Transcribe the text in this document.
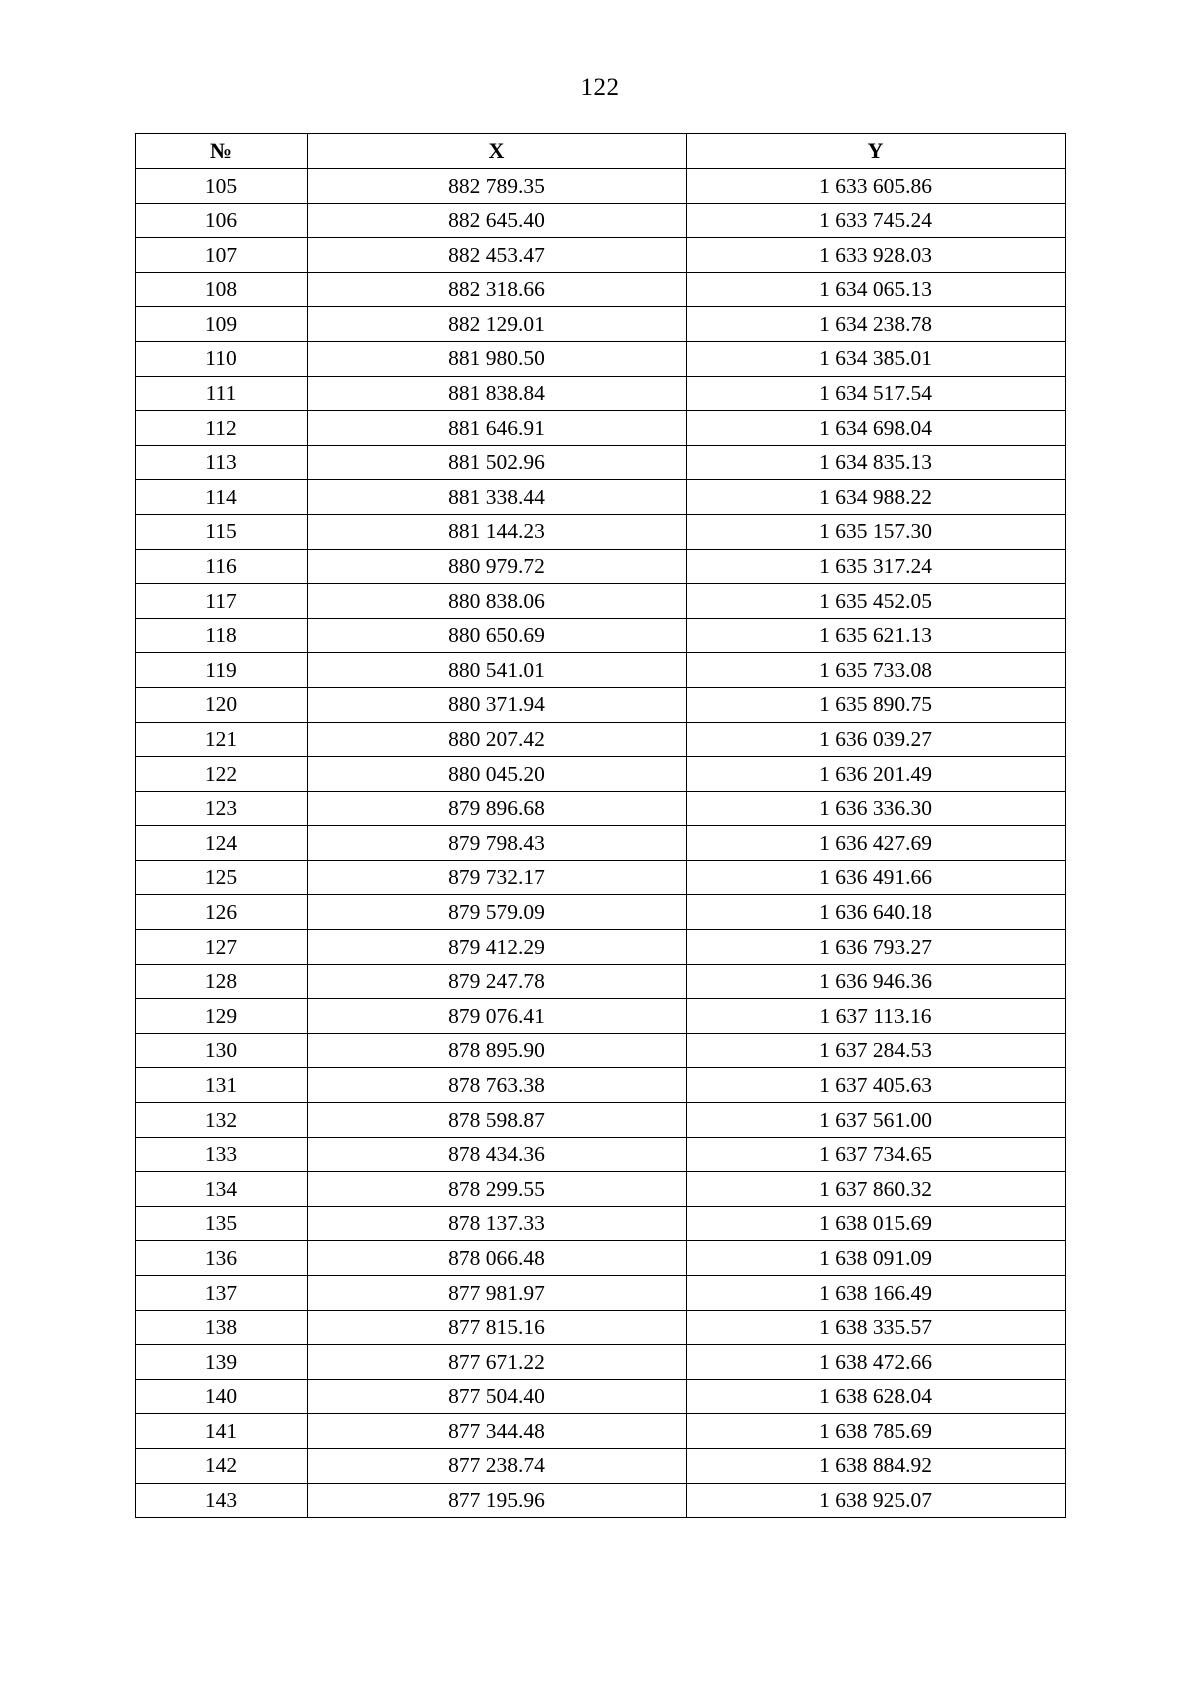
122
№	X	Y
105	882 789.35	1 633 605.86
106	882 645.40	1 633 745.24
107	882 453.47	1 633 928.03
108	882 318.66	1 634 065.13
109	882 129.01	1 634 238.78
110	881 980.50	1 634 385.01
111	881 838.84	1 634 517.54
112	881 646.91	1 634 698.04
113	881 502.96	1 634 835.13
114	881 338.44	1 634 988.22
115	881 144.23	1 635 157.30
116	880 979.72	1 635 317.24
117	880 838.06	1 635 452.05
118	880 650.69	1 635 621.13
119	880 541.01	1 635 733.08
120	880 371.94	1 635 890.75
121	880 207.42	1 636 039.27
122	880 045.20	1 636 201.49
123	879 896.68	1 636 336.30
124	879 798.43	1 636 427.69
125	879 732.17	1 636 491.66
126	879 579.09	1 636 640.18
127	879 412.29	1 636 793.27
128	879 247.78	1 636 946.36
129	879 076.41	1 637 113.16
130	878 895.90	1 637 284.53
131	878 763.38	1 637 405.63
132	878 598.87	1 637 561.00
133	878 434.36	1 637 734.65
134	878 299.55	1 637 860.32
135	878 137.33	1 638 015.69
136	878 066.48	1 638 091.09
137	877 981.97	1 638 166.49
138	877 815.16	1 638 335.57
139	877 671.22	1 638 472.66
140	877 504.40	1 638 628.04
141	877 344.48	1 638 785.69
142	877 238.74	1 638 884.92
143	877 195.96	1 638 925.07
